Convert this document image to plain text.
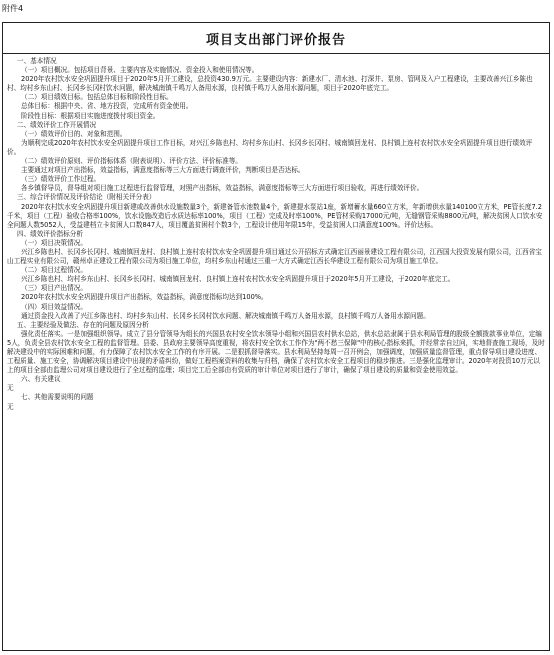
附件4
项目支出部门评价报告

一、基本情况

（一）项目概况。包括项目背景、主要内容及实施情况、资金投入和使用情况等。

2020年农村饮水安全巩固提升项目于2020年5月开工建设，总投资430.9万元。主要建设内容：新建水厂、清水池、打深井、泵房、管网及入户工程建设，主要改善兴江乡陈也村、均村乡东山村、长冈乡长冈村饮水问题，解决城南镇千鸣万人备用水源，良村镇千鸣万人备用水源问题，项目于2020年底完工。

（二）项目绩效目标。包括总体目标和阶段性目标。

总体目标：根据中央、省、地方投资，完成所有资金使用。

阶段性目标：根据项目实施进度拨付项目资金。

二、绩效评价工作开展情况

（一）绩效评价目的、对象和范围。

为顺利完成2020年农村饮水安全巩固提升项目工作目标，对兴江乡陈也村、均村乡东山村、长冈乡长冈村、城南镇回龙村、良村镇上连村农村饮水安全巩固提升项目进行绩效评价。

（二）绩效评价原则、评价指标体系（附表说明）、评价方法、评价标准等。

主要通过对项目产出指标，效益指标，满意度指标等三大方面进行调查评价，判断项目是否达标。

（三）绩效评价工作过程。

各乡镇督导员，督导组对项目施工过程进行监督管理，对照产出指标，效益指标，满意度指标等三大方面进行项目验收，再进行绩效评价。

三、综合评价情况及评价结论（附相关评分表）

2020年农村饮水安全巩固提升项目新建或改善供水设施数量3个，新建备管水池数量4个，新建提水泵站1座，新增蓄水量660立方米，年新增供水量140100立方米，PE管长度7.2千米，项目（工程）验收合格率100%，饮水设施改造后水质达标率100%，项目（工程）完成及时率100%，PE管材采购17000元/吨，无缝钢管采购8800元/吨，解决贫困人口饮水安全问题人数5052人，受益建档立卡贫困人口数847人，项目覆盖贫困村个数3个，工程设计使用年限15年，受益贫困人口满意度100%。评价达标。

四、绩效评价指标分析

（一）项目决策情况。

兴江乡陈也村、长冈乡长冈村、城南镇回龙村、良村镇上连村农村饮水安全巩固提升项目通过公开招标方式确定江西丽景建设工程有限公司，江西国大投资发展有限公司，江西省宝山工程实业有限公司，赣州卓正建设工程有限公司为项目施工单位，均村乡东山村通过三重一大方式确定江西长华建设工程有限公司为项目施工单位。

（二）项目过程情况。

兴江乡陈也村、均村乡东山村、长冈乡长冈村、城南镇回龙村、良村镇上连村农村饮水安全巩固提升项目于2020年5月开工建设，于2020年底完工。

（三）项目产出情况。

2020年农村饮水安全巩固提升项目产出指标，效益指标，满意度指标均达到100%。

（四）项目效益情况。

通过资金投入改善了兴江乡陈也村、均村乡东山村、长冈乡长冈村饮水问题、解决城南镇千鸣万人备用水源，良村镇千鸣万人备用水源问题。

五、主要经验及做法、存在的问题及原因分析

强化责任落实。一是加强组织领导。成立了县分管领导为组长的兴国县农村安全饮水领导小组和兴国县农村供水总站，供水总站隶属于县水利局管理的股级全额拨款事业单位，定编5人，负责全县农村饮水安全工程的监督管理。县委、县政府主要领导高度重视，将农村安全饮水工作作为"两不愁三保障"中的核心指标来抓，并经常亲自过问，实地督查施工现场，及时解决建设中的实际困难和问题，有力保障了农村饮水安全工作的有序开展。二是狠抓督导落实。县水利局坚持每周一召开例会，加强调度，加强质量监督管理，重点督导项目建设进度、工程质量、施工安全，协调解决项目建设中出现的矛盾纠纷，做好工程档案资料的收集与归档，确保了农村饮水安全工程项目的稳步推进。三是强化监理审计。2020年对投资10万元以上的项目全部由监理公司对项目建设进行了全过程的监理；项目完工后全部由有资质的审计单位对项目进行了审计，确保了项目建设的质量和资金使用效益。

六、有关建议

无

七、其他需要说明的问题

无
